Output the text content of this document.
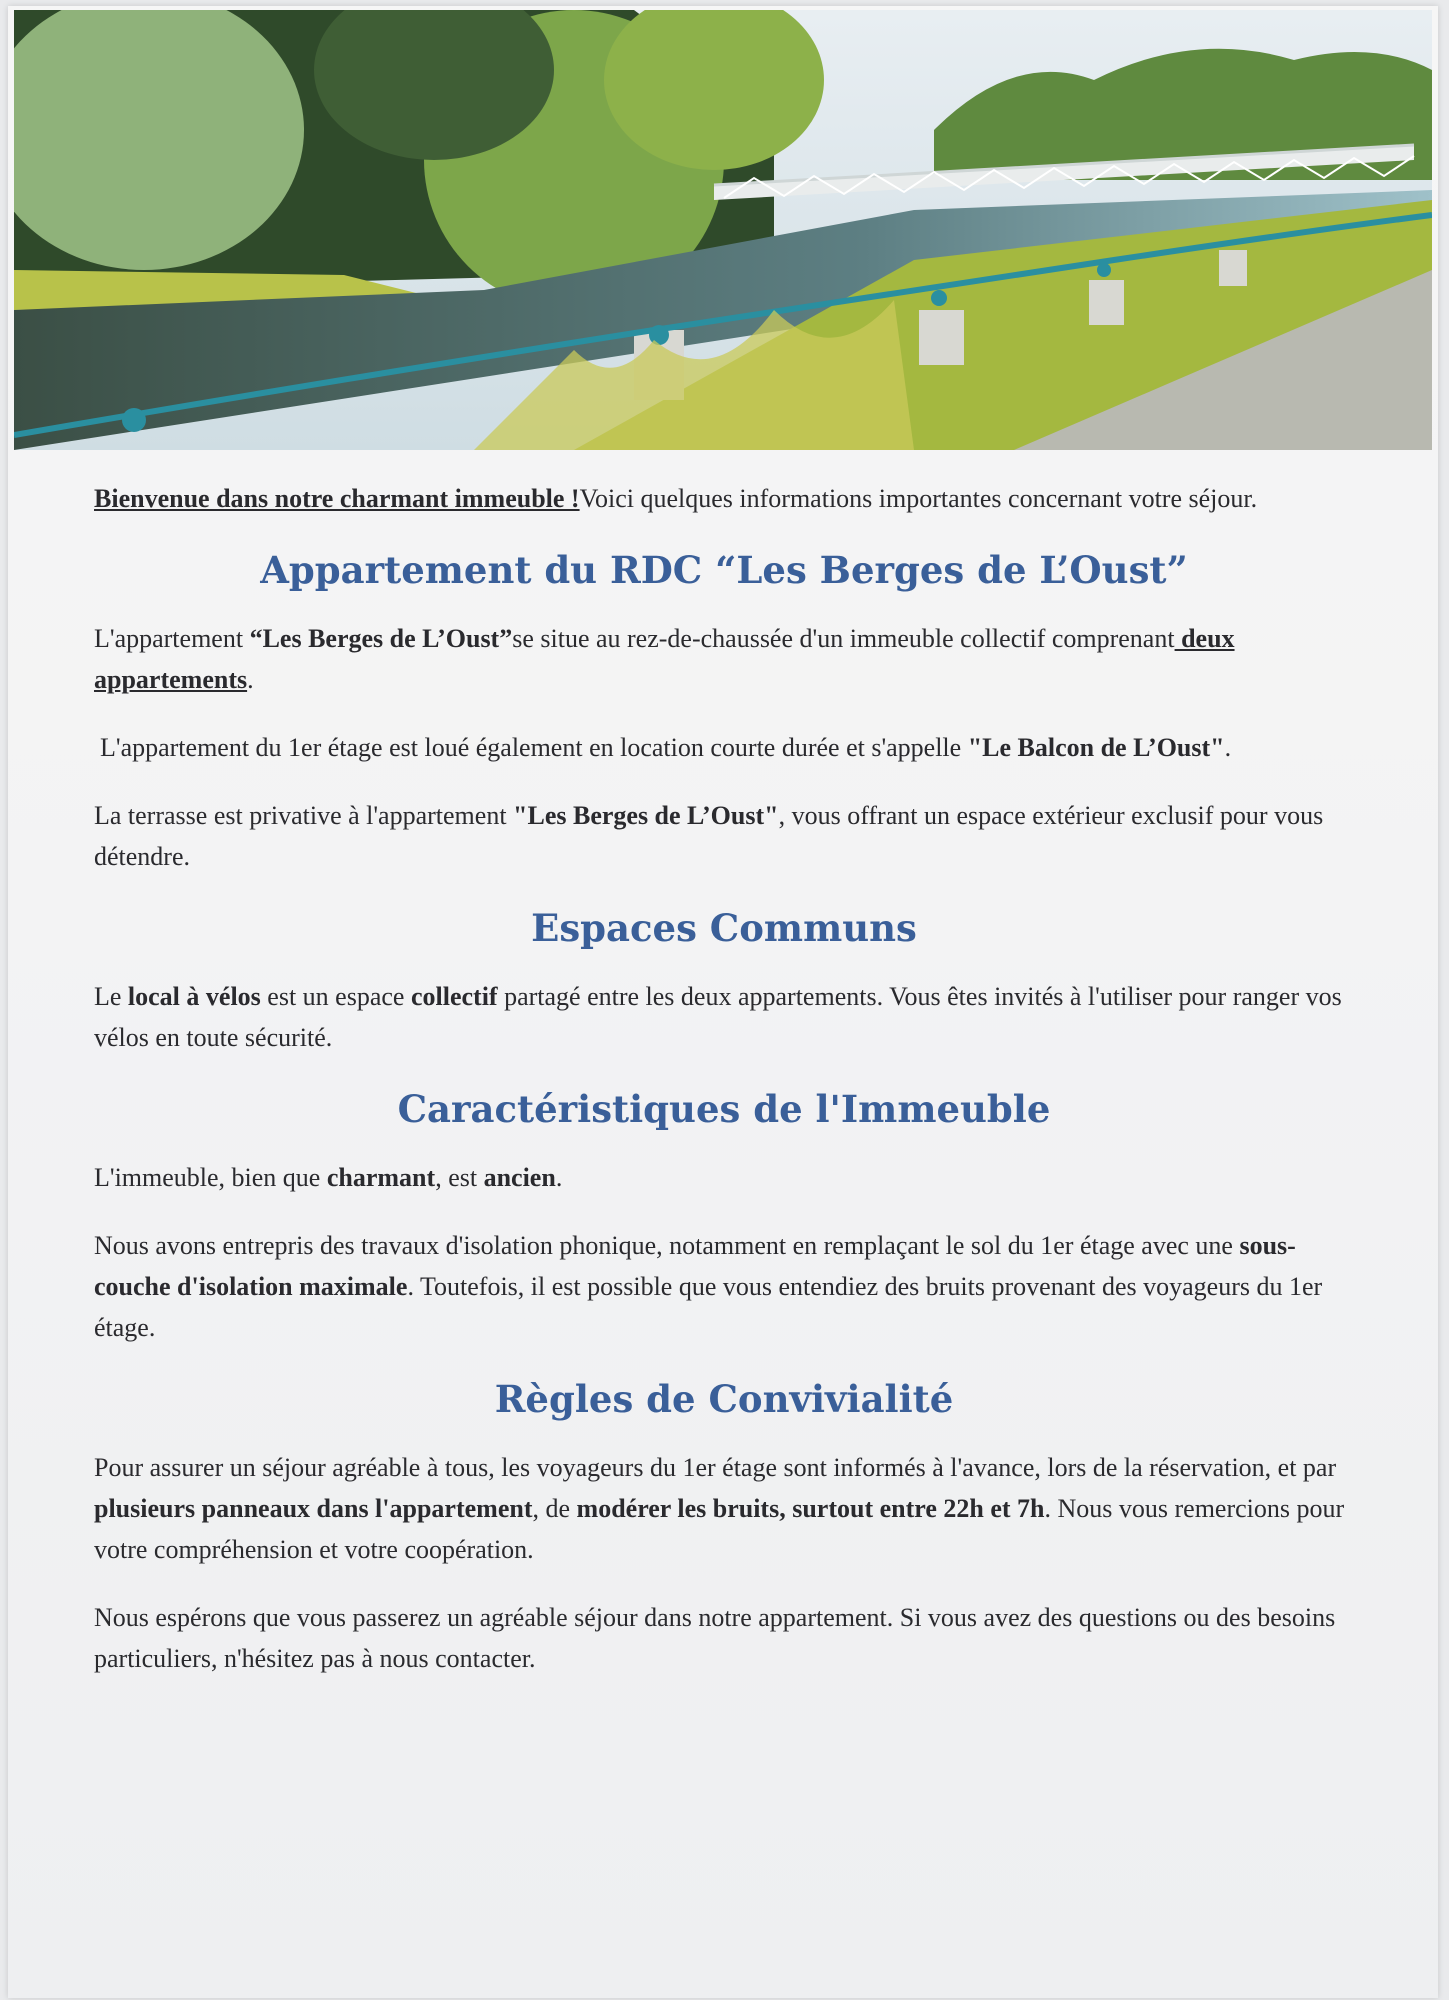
Bienvenue dans notre charmant immeuble !Voici quelques informations importantes concernant votre séjour.

Appartement du RDC “Les Berges de L’Oust”

L'appartement “Les Berges de L’Oust”se situe au rez-de-chaussée d'un immeuble collectif comprenant deux appartements.

L'appartement du 1er étage est loué également en location courte durée et s'appelle "Le Balcon de L’Oust".

La terrasse est privative à l'appartement "Les Berges de L’Oust", vous offrant un espace extérieur exclusif pour vous détendre.

Espaces Communs

Le local à vélos est un espace collectif partagé entre les deux appartements. Vous êtes invités à l'utiliser pour ranger vos vélos en toute sécurité.

Caractéristiques de l'Immeuble

L'immeuble, bien que charmant, est ancien.

Nous avons entrepris des travaux d'isolation phonique, notamment en remplaçant le sol du 1er étage avec une sous-couche d'isolation maximale. Toutefois, il est possible que vous entendiez des bruits provenant des voyageurs du 1er étage.

Règles de Convivialité

Pour assurer un séjour agréable à tous, les voyageurs du 1er étage sont informés à l'avance, lors de la réservation, et par plusieurs panneaux dans l'appartement, de modérer les bruits, surtout entre 22h et 7h. Nous vous remercions pour votre compréhension et votre coopération.

Nous espérons que vous passerez un agréable séjour dans notre appartement. Si vous avez des questions ou des besoins particuliers, n'hésitez pas à nous contacter.
